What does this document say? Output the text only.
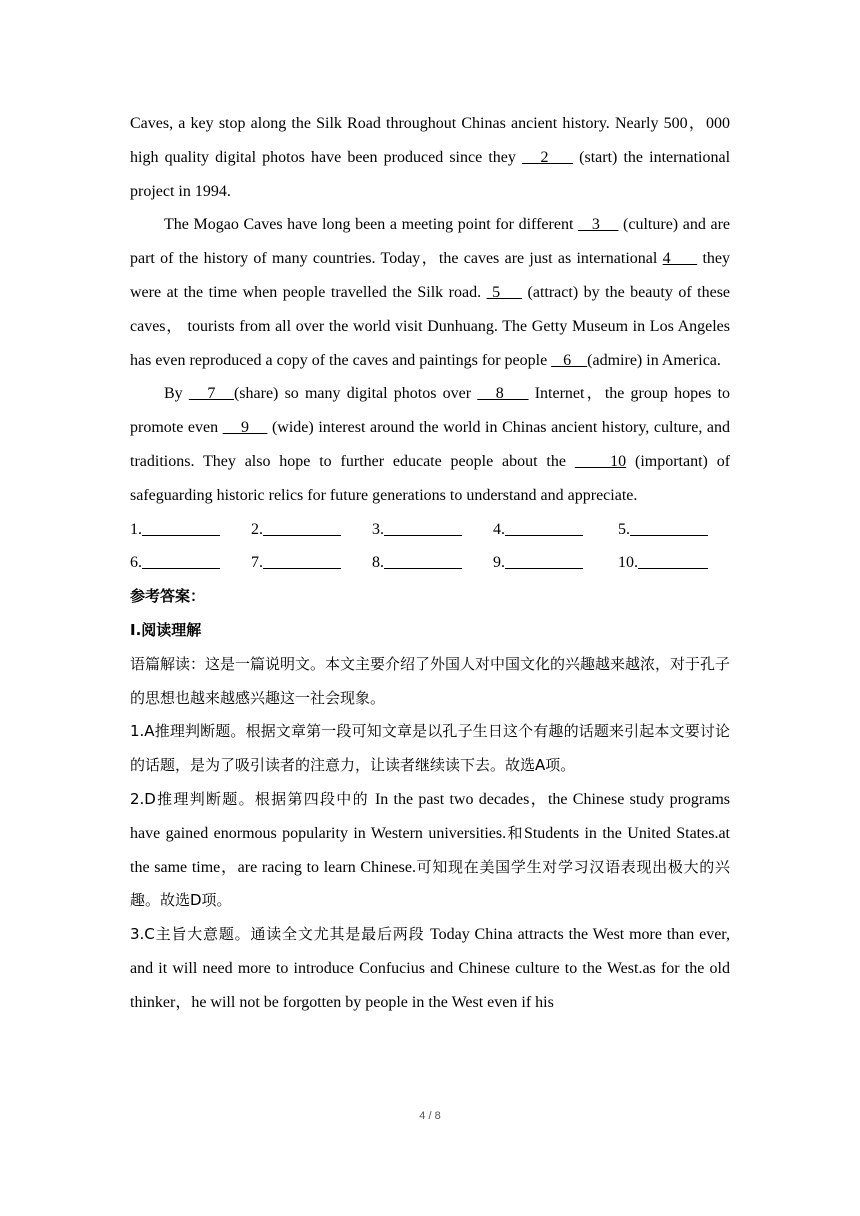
Caves, a key stop along the Silk Road throughout Chinas ancient history. Nearly 500，000 high quality digital photos have been produced since they    2     (start) the international project in 1994.

The Mogao Caves have long been a meeting point for different    3     (culture) and are part of the history of many countries. Today，the caves are just as international 4      they were at the time when people travelled the Silk road.  5     (attract) by the beauty of these caves， tourists from all over the world visit Dunhuang. The Getty Museum in Los Angeles has even reproduced a copy of the caves and paintings for people    6    (admire) in America.

By    7   (share) so many digital photos over    8     Internet，the group hopes to promote even     9     (wide) interest around the world in Chinas ancient history, culture, and traditions. They also hope to further educate people about the     10 (important) of safeguarding historic relics for future generations to understand and appreciate.

1.	2.	3.	4.	5.
6.	7.	8.	9.	10.

参考答案：

Ⅰ.阅读理解

语篇解读：这是一篇说明文。本文主要介绍了外国人对中国文化的兴趣越来越浓，对于孔子的思想也越来越感兴趣这一社会现象。

1.A推理判断题。根据文章第一段可知文章是以孔子生日这个有趣的话题来引起本文要讨论的话题，是为了吸引读者的注意力，让读者继续读下去。故选A项。

2.D推理判断题。根据第四段中的 In the past two decades，the Chinese study programs have gained enormous popularity in Western universities.和Students in the United States.at the same time，are racing to learn Chinese.可知现在美国学生对学习汉语表现出极大的兴趣。故选D项。

3.C主旨大意题。通读全文尤其是最后两段 Today China attracts the West more than ever, and it will need more to introduce Confucius and Chinese culture to the West.as for the old thinker，he will not be forgotten by people in the West even if his

4 / 8
